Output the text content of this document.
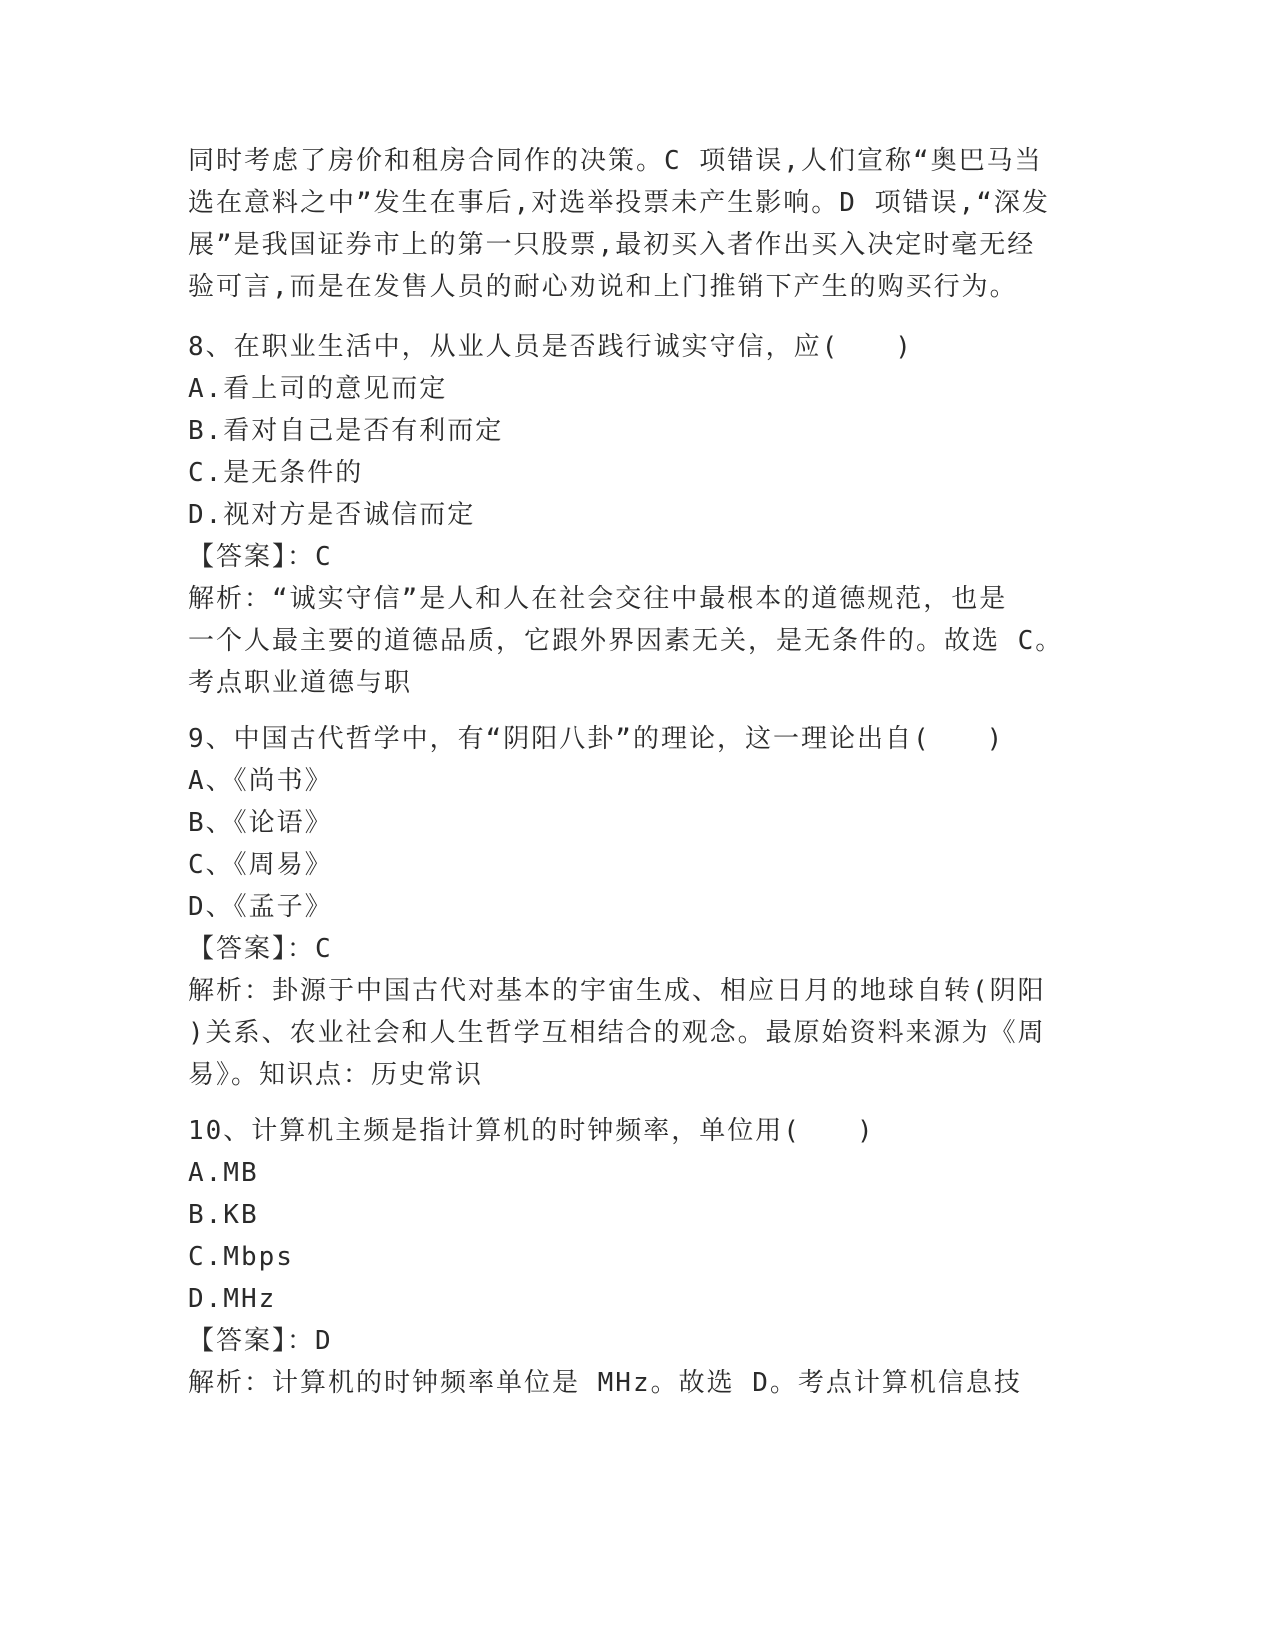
同时考虑了房价和租房合同作的决策。C 项错误,人们宣称“奥巴马当
选在意料之中”发生在事后,对选举投票未产生影响。D 项错误,“深发
展”是我国证券市上的第一只股票,最初买入者作出买入决定时毫无经
验可言,而是在发售人员的耐心劝说和上门推销下产生的购买行为。
8、在职业生活中，从业人员是否践行诚实守信，应(　　)
A.看上司的意见而定
B.看对自己是否有利而定
C.是无条件的
D.视对方是否诚信而定
【答案】：C
解析：“诚实守信”是人和人在社会交往中最根本的道德规范，也是
一个人最主要的道德品质，它跟外界因素无关，是无条件的。故选 C。
考点职业道德与职
9、中国古代哲学中，有“阴阳八卦”的理论，这一理论出自(　　)
A、《尚书》
B、《论语》
C、《周易》
D、《孟子》
【答案】：C
解析：卦源于中国古代对基本的宇宙生成、相应日月的地球自转(阴阳
)关系、农业社会和人生哲学互相结合的观念。最原始资料来源为《周
易》。知识点：历史常识
10、计算机主频是指计算机的时钟频率，单位用(　　)
A.MB
B.KB
C.Mbps
D.MHz
【答案】：D
解析：计算机的时钟频率单位是 MHz。故选 D。考点计算机信息技
